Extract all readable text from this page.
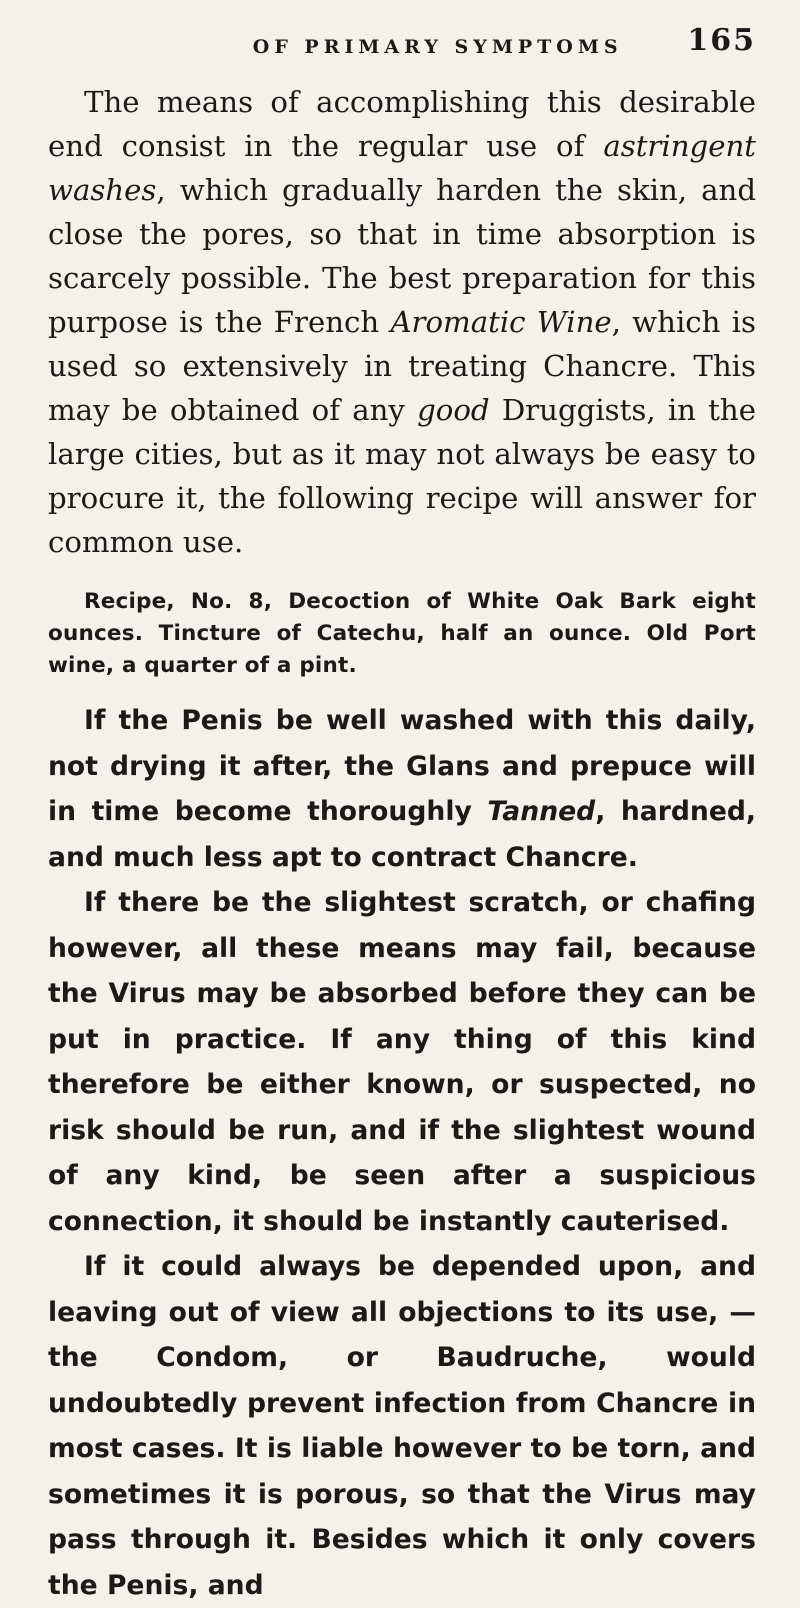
OF PRIMARY SYMPTOMS	165

The means of accomplishing this desirable end consist in the regular use of astringent washes, which gradually harden the skin, and close the pores, so that in time absorption is scarcely possible. The best preparation for this purpose is the French Aromatic Wine, which is used so extensively in treating Chancre. This may be obtained of any good Druggists, in the large cities, but as it may not always be easy to procure it, the following recipe will answer for common use.

Recipe, No. 8, Decoction of White Oak Bark eight ounces. Tincture of Catechu, half an ounce. Old Port wine, a quarter of a pint.

If the Penis be well washed with this daily, not drying it after, the Glans and prepuce will in time become thoroughly Tanned, hardned, and much less apt to contract Chancre.

If there be the slightest scratch, or chafing however, all these means may fail, because the Virus may be absorbed before they can be put in practice. If any thing of this kind therefore be either known, or suspected, no risk should be run, and if the slightest wound of any kind, be seen after a suspicious connection, it should be instantly cauterised.

If it could always be depended upon, and leaving out of view all objections to its use, —the Condom, or Baudruche, would undoubtedly prevent infection from Chancre in most cases. It is liable however to be torn, and sometimes it is porous, so that the Virus may pass through it. Besides which it only covers the Penis, and
